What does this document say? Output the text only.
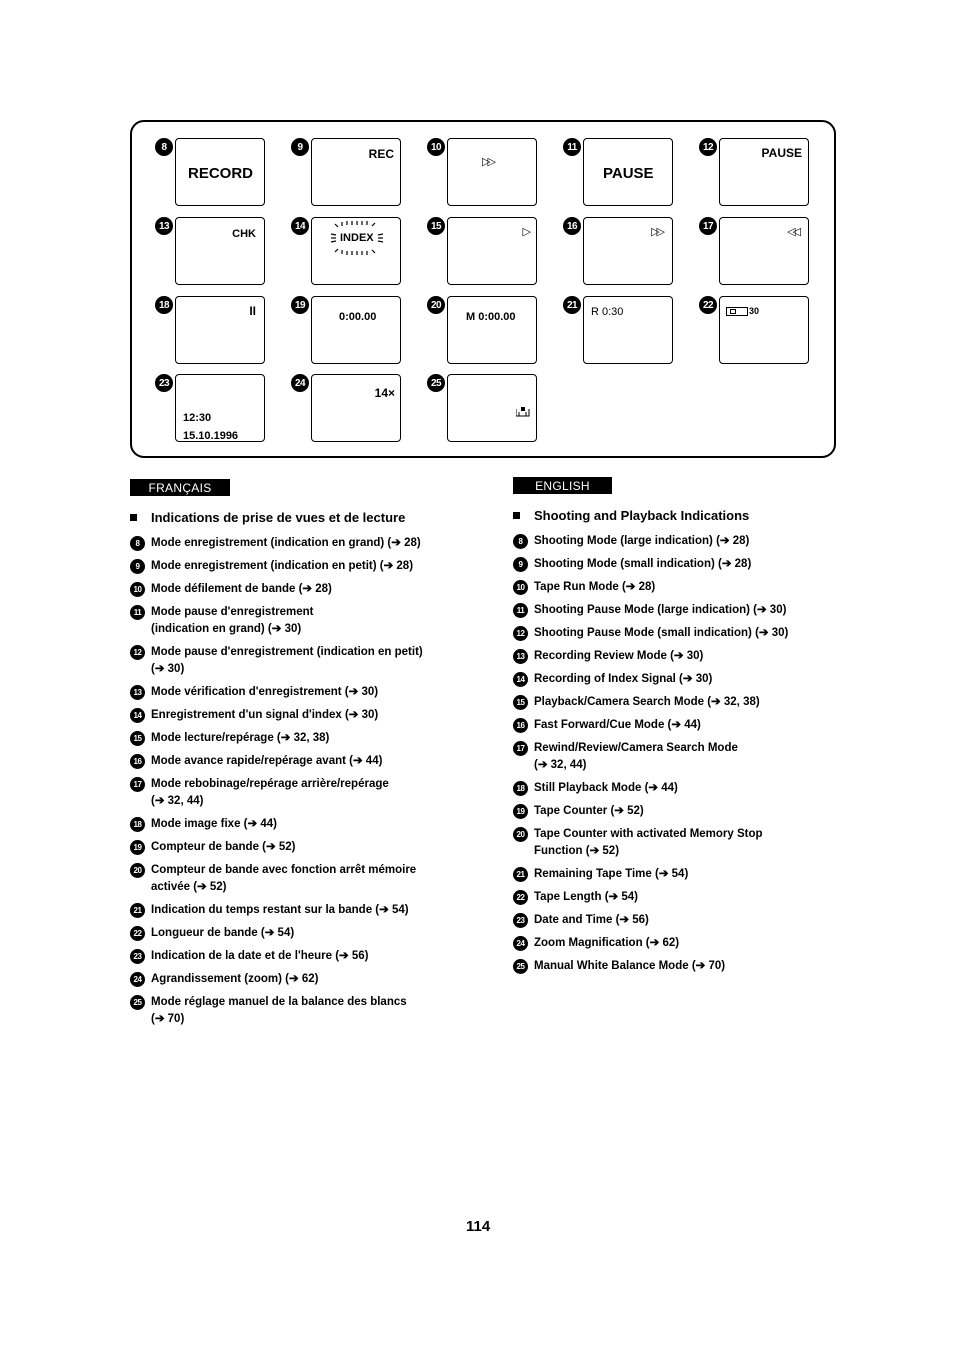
8
RECORD
9	REC	10
▷▷
11
PAUSE
12	PAUSE
13
CHK
14
INDEX
15	▷	16	▷▷	17	◁◁
18	II	19
0:00.00
20
M 0:00.00
21
R 0:30
22
30
23
12:30
15.10.1996
24
14×
25
FRANÇAIS	ENGLISH
Indications de prise de vues et de lecture
8	Mode enregistrement (indication en grand) (➔ 28)
9	Mode enregistrement (indication en petit) (➔ 28)
10 Mode défilement de bande (➔ 28)
11 Mode pause d'enregistrement
(indication en grand) (➔ 30)
12 Mode pause d'enregistrement (indication en petit)
(➔ 30)
13 Mode vérification d'enregistrement (➔ 30)
14 Enregistrement d'un signal d'index (➔ 30)
15 Mode lecture/repérage (➔ 32, 38)
16 Mode avance rapide/repérage avant (➔ 44)
17 Mode rebobinage/repérage arrière/repérage
(➔ 32, 44)
18 Mode image fixe (➔ 44)
19 Compteur de bande (➔ 52)
20 Compteur de bande avec fonction arrêt mémoire
activée (➔ 52)
21 Indication du temps restant sur la bande (➔ 54)
22 Longueur de bande (➔ 54)
23 Indication de la date et de l'heure (➔ 56)
24 Agrandissement (zoom) (➔ 62)
25 Mode réglage manuel de la balance des blancs
(➔ 70)
Shooting and Playback Indications
8	Shooting Mode (large indication) (➔ 28)
9	Shooting Mode (small indication) (➔ 28)
10 Tape Run Mode (➔ 28)
11 Shooting Pause Mode (large indication) (➔ 30)
12 Shooting Pause Mode (small indication) (➔ 30)
13 Recording Review Mode (➔ 30)
14 Recording of Index Signal (➔ 30)
15 Playback/Camera Search Mode (➔ 32, 38)
16 Fast Forward/Cue Mode (➔ 44)
17 Rewind/Review/Camera Search Mode
(➔ 32, 44)
18 Still Playback Mode (➔ 44)
19 Tape Counter (➔ 52)
20 Tape Counter with activated Memory Stop
Function (➔ 52)
21 Remaining Tape Time (➔ 54)
22 Tape Length (➔ 54)
23 Date and Time (➔ 56)
24 Zoom Magnification (➔ 62)
25 Manual White Balance Mode (➔ 70)
114
